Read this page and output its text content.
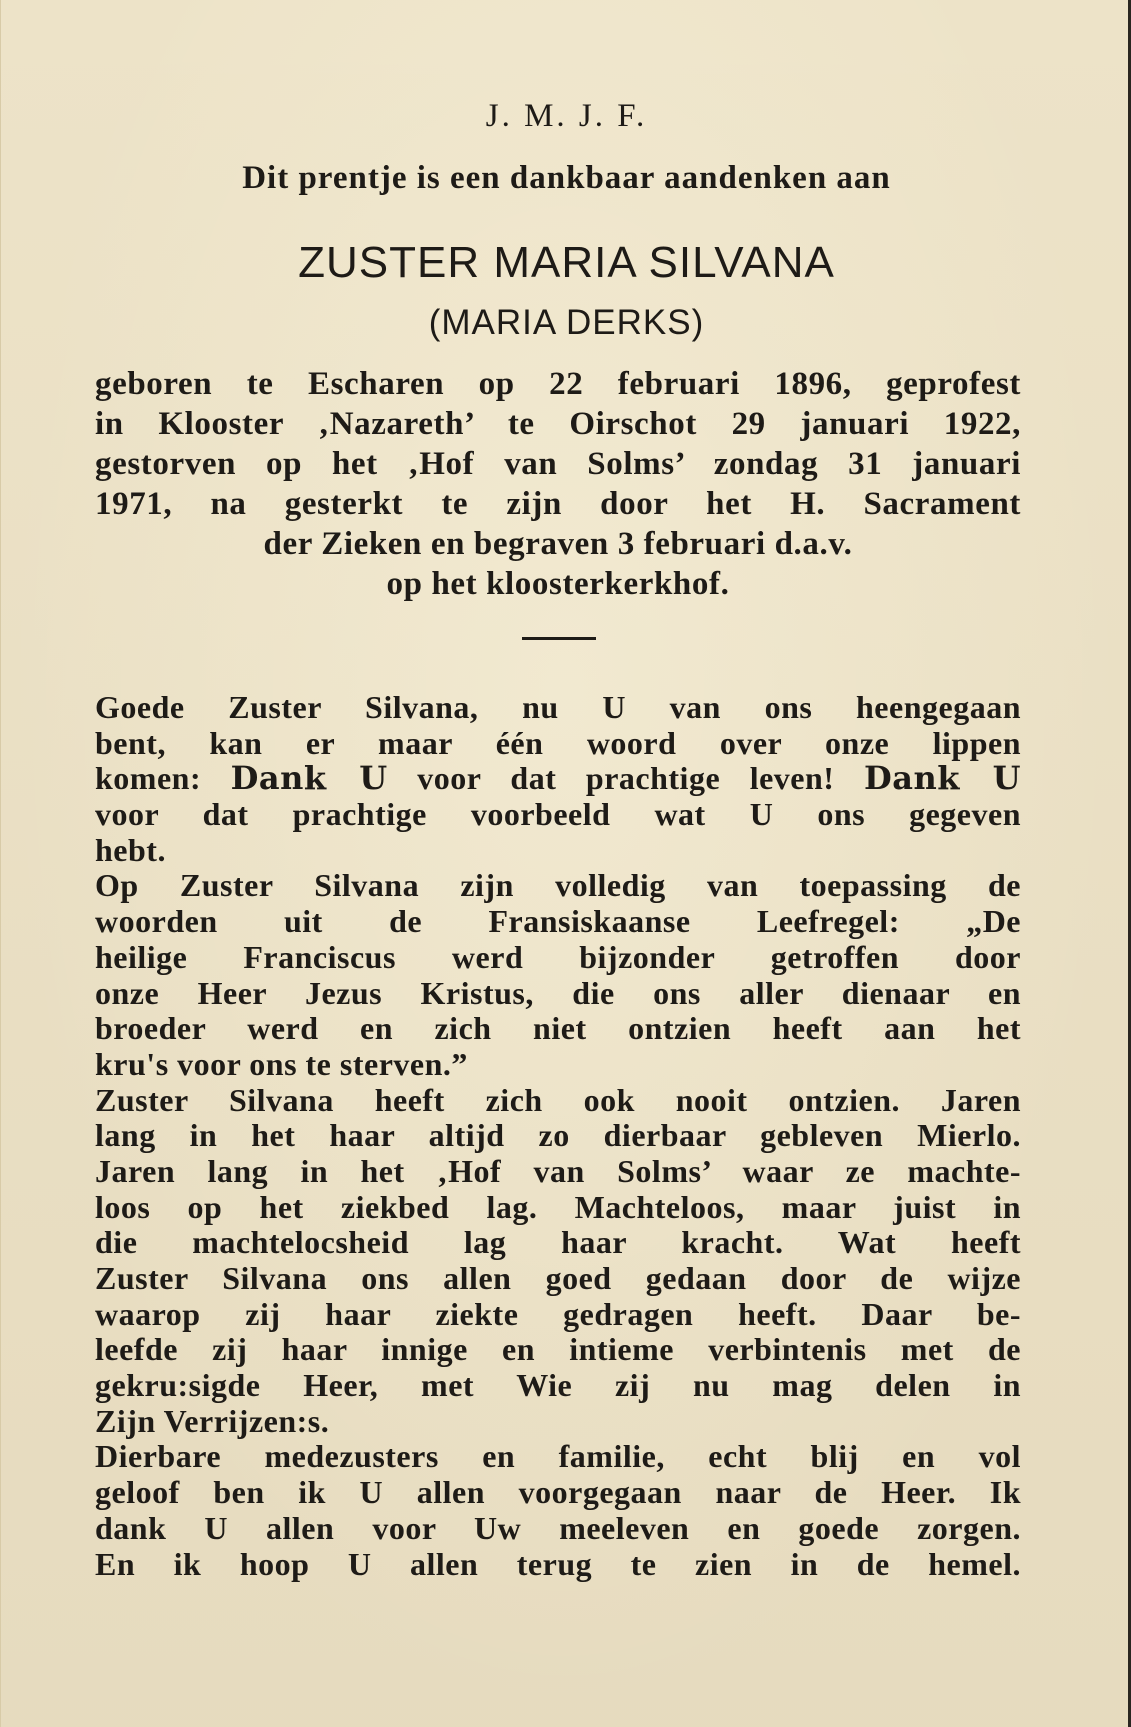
J. M. J. F.
Dit prentje is een dankbaar aandenken aan
ZUSTER MARIA SILVANA
(MARIA DERKS)
geboren te Escharen op 22 februari 1896, geprofest
in Klooster ‚Nazareth’ te Oirschot 29 januari 1922,
gestorven op het ‚Hof van Solms’ zondag 31 januari
1971, na gesterkt te zijn door het H. Sacrament
der Zieken en begraven 3 februari d.a.v.
op het kloosterkerkhof.
Goede Zuster Silvana, nu U van ons heengegaan
bent, kan er maar één woord over onze lippen
komen: Dank U voor dat prachtige leven! Dank U
voor dat prachtige voorbeeld wat U ons gegeven
hebt.
Op Zuster Silvana zijn volledig van toepassing de
woorden uit de Fransiskaanse Leefregel: „De
heilige Franciscus werd bijzonder getroffen door
onze Heer Jezus Kristus, die ons aller dienaar en
broeder werd en zich niet ontzien heeft aan het
kru's voor ons te sterven.”
Zuster Silvana heeft zich ook nooit ontzien. Jaren
lang in het haar altijd zo dierbaar gebleven Mierlo.
Jaren lang in het ‚Hof van Solms’ waar ze machte-
loos op het ziekbed lag. Machteloos, maar juist in
die machtelocsheid lag haar kracht. Wat heeft
Zuster Silvana ons allen goed gedaan door de wijze
waarop zij haar ziekte gedragen heeft. Daar be-
leefde zij haar innige en intieme verbintenis met de
gekru:sigde Heer, met Wie zij nu mag delen in
Zijn Verrijzen:s.
Dierbare medezusters en familie, echt blij en vol
geloof ben ik U allen voorgegaan naar de Heer. Ik
dank U allen voor Uw meeleven en goede zorgen.
En ik hoop U allen terug te zien in de hemel.
